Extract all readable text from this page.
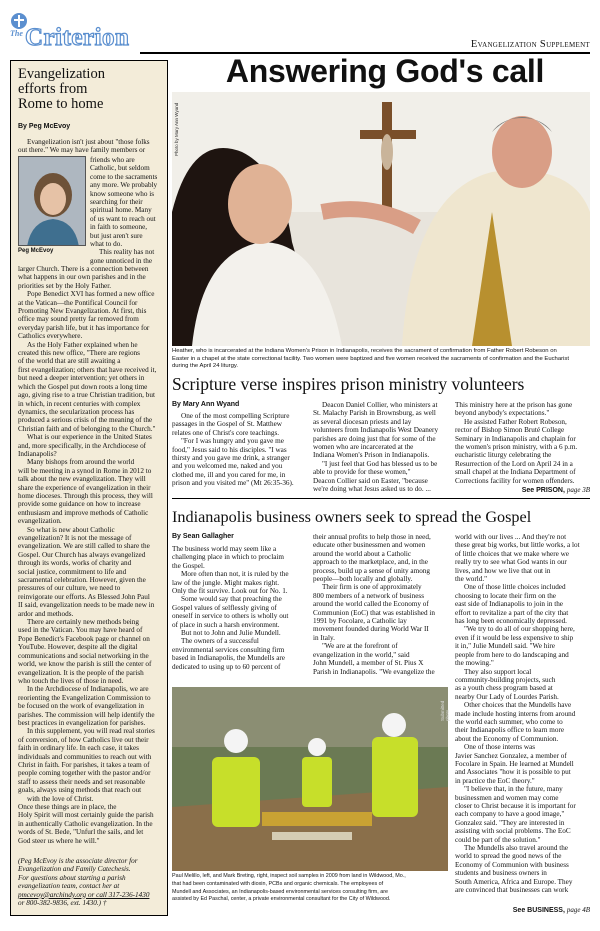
The Criterion	Evangelization Supplement
Evangelization
efforts from
Rome to home
By Peg McEvoy
Evangelization isn't just about "those folks
out there." We may have family members or
Peg McEvoy
friends who are
Catholic, but seldom
come to the sacraments
any more. We probably
know someone who is
searching for their
spiritual home. Many
of us want to reach out
in faith to someone,
but just aren't sure
what to do.
This reality has not
gone unnoticed in the
larger Church. There is a connection between
what happens in our own parishes and in the
priorities set by the Holy Father.
Pope Benedict XVI has formed a new office
at the Vatican—the Pontifical Council for
Promoting New Evangelization. At first, this
office may sound pretty far removed from
everyday parish life, but it has importance for
Catholics everywhere.
As the Holy Father explained when he
created this new office, "There are regions
of the world that are still awaiting a
first evangelization; others that have received it,
but need a deeper intervention; yet others in
which the Gospel put down roots a long time
ago, giving rise to a true Christian tradition, but
in which, in recent centuries with complex
dynamics, the secularization process has
produced a serious crisis of the meaning of the
Christian faith and of belonging to the Church."
What is our experience in the United States
and, more specifically, in the Archdiocese of
Indianapolis?
Many bishops from around the world
will be meeting in a synod in Rome in 2012 to
talk about the new evangelization. They will
share the experience of evangelization in their
home dioceses. Through this process, they will
provide some guidance on how to increase
enthusiasm and improve methods of Catholic
evangelization.
So what is new about Catholic
evangelization? It is not the message of
evangelization. We are still called to share the
Gospel. Our Church has always evangelized
through its words, works of charity and
social justice, commitment to life and
sacramental celebration. However, given the
pressures of our culture, we need to
reinvigorate our efforts. As Blessed John Paul
II said, evangelization needs to be made new in
ardor and methods.
There are certainly new methods being
used in the Vatican. You may have heard of
Pope Benedict's Facebook page or channel on
YouTube. However, despite all the digital
communications and social networking in the
world, we know the parish is still the center of
evangelization. It is the people of the parish
who touch the lives of those in need.
In the Archdiocese of Indianapolis, we are
reorienting the Evangelization Commission to
be focused on the work of evangelization in
parishes. The commission will help identify the
best practices in evangelization for parishes.
In this supplement, you will read real stories
of conversion, of how Catholics live out their
faith in ordinary life. In each case, it takes
individuals and communities to reach out with
Christ in faith. For parishes, it takes a team of
people coming together with the pastor and/or
staff to assess their needs and set reasonable
goals, always using methods that reach out
with the love of Christ.
Once these things are in place, the
Holy Spirit will most certainly guide the parish
in authentically Catholic evangelization. In the
words of St. Bede, "Unfurl the sails, and let
God steer us where he will."
(Peg McEvoy is the associate director for
Evangelization and Family Catechesis.
For questions about starting a parish
evangelization team, contact her at
pmcevoy@archindy.org or call 317-236-1430
or 800-382-9836, ext. 1430.) †
Answering God's call
Photo by Mary Ann Wyand
Heather, who is incarcerated at the Indiana Women's Prison in Indianapolis, receives the sacrament of confirmation from Father Robert Robeson on
Easter in a chapel at the state correctional facility. Two women were baptized and five women received the sacraments of confirmation and the Eucharist
during the April 24 liturgy.
Scripture verse inspires prison ministry volunteers
By Mary Ann Wyand
One of the most compelling Scripture
passages in the Gospel of St. Matthew
relates one of Christ's core teachings.
"For I was hungry and you gave me
food," Jesus said to his disciples. "I was
thirsty and you gave me drink, a stranger
and you welcomed me, naked and you
clothed me, ill and you cared for me, in
prison and you visited me" (Mt 26:35-36).
Deacon Daniel Collier, who ministers at
St. Malachy Parish in Brownsburg, as well
as several diocesan priests and lay
volunteers from Indianapolis West Deanery
parishes are doing just that for some of the
women who are incarcerated at the
Indiana Women's Prison in Indianapolis.
"I just feel that God has blessed us to be
able to provide for these women,"
Deacon Collier said on Easter, "because
we're doing what Jesus asked us to do. ...
This ministry here at the prison has gone
beyond anybody's expectations."
He assisted Father Robert Robeson,
rector of Bishop Simon Bruté College
Seminary in Indianapolis and chaplain for
the women's prison ministry, with a 6 p.m.
eucharistic liturgy celebrating the
Resurrection of the Lord on April 24 in a
small chapel at the Indiana Department of
Corrections facility for women offenders.
See PRISON, page 3B
Indianapolis business owners seek to spread the Gospel
By Sean Gallagher
The business world may seem like a
challenging place in which to proclaim
the Gospel.
More often than not, it is ruled by the
law of the jungle. Might makes right.
Only the fit survive. Look out for No. 1.
Some would say that preaching the
Gospel values of selflessly giving of
oneself in service to others is wholly out
of place in such a harsh environment.
But not to John and Julie Mundell.
The owners of a successful
environmental services consulting firm
based in Indianapolis, the Mundells are
dedicated to using up to 60 percent of
their annual profits to help those in need,
educate other businessmen and women
around the world about a Catholic
approach to the marketplace, and, in the
process, build up a sense of unity among
people—both locally and globally.
Their firm is one of approximately
800 members of a network of business
around the world called the Economy of
Communion (EoC) that was established in
1991 by Focolare, a Catholic lay
movement founded during World War II
in Italy.
"We are at the forefront of
evangelization in the world," said
John Mundell, a member of St. Pius X
Parish in Indianapolis. "We evangelize the
world with our lives ... And they're not
these great big works, but little works, a lot
of little choices that we make where we
really try to see what God wants in our
lives, and how we live that out in
the world."
One of those little choices included
choosing to locate their firm on the
east side of Indianapolis to join in the
effort to revitalize a part of the city that
has long been economically depressed.
"We try to do all of our shopping here,
even if it would be less expensive to ship
it in," Julie Mundell said. "We hire
people from here to do landscaping and
the mowing."
They also support local
community-building projects, such
as a youth chess program based at
nearby Our Lady of Lourdes Parish.
Other choices that the Mundells have
made include hosting interns from around
the world each summer, who come to
their Indianapolis office to learn more
about the Economy of Communion.
One of those interns was
Javier Sanchez Gonzalez, a member of
Focolare in Spain. He learned at Mundell
and Associates "how it is possible to put
in practice the EoC theory."
"I believe that, in the future, many
businessmen and women may come
closer to Christ because it is important for
each company to have a good image,"
Gonzalez said. "They are interested in
assisting with social problems. The EoC
could be part of the solution."
The Mundells also travel around the
world to spread the good news of the
Economy of Communion with business
students and business owners in
South America, Africa and Europe. They
are convinced that businesses can work
See BUSINESS, page 4B
Submitted photo
Paul Melillo, left, and Mark Breting, right, inspect soil samples in 2009 from land in Wildwood, Mo.,
that had been contaminated with dioxin, PCBs and organic chemicals. The employees of
Mundell and Associates, an Indianapolis-based environmental services consulting firm, are
assisted by Ed Paschal, center, a private environmental consultant for the City of Wildwood.
